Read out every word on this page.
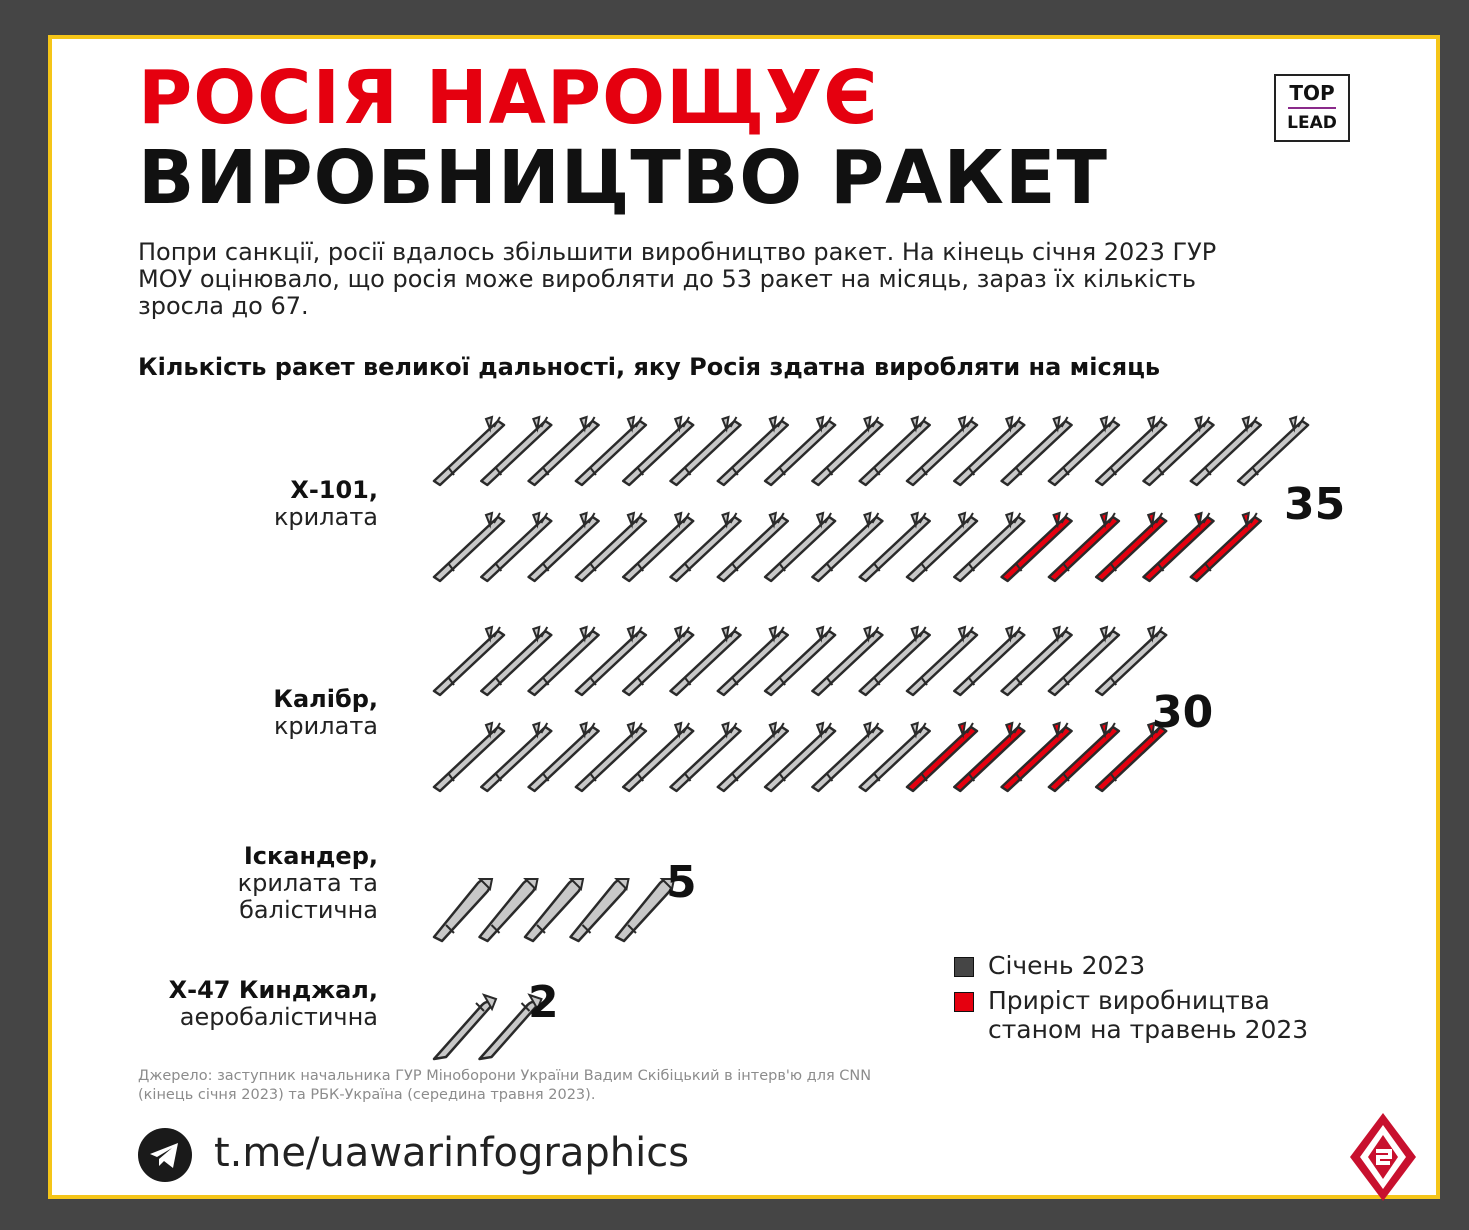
РОСІЯ НАРОЩУЄ
ВИРОБНИЦТВО РАКЕТ
TOP
LEAD
Попри санкції, росії вдалось збільшити виробництво ракет. На кінець січня 2023 ГУР МОУ оцінювало, що росія може виробляти до 53 ракет на місяць, зараз їх кількість зросла до 67.
Кількість ракет великої дальності, яку Росія здатна виробляти на місяць
Х-101,
крилата
Калібр,
крилата
Іскандер,
крилата та балістична
Х-47 Кинджал,
аеробалістична
35
30
5
2
Січень 2023
Приріст виробництва
станом на травень 2023
Джерело: заступник начальника ГУР Міноборони України Вадим Скібіцький в інтерв'ю для CNN (кінець січня 2023) та РБК-Україна (середина травня 2023).
t.me/uawarinfographics
